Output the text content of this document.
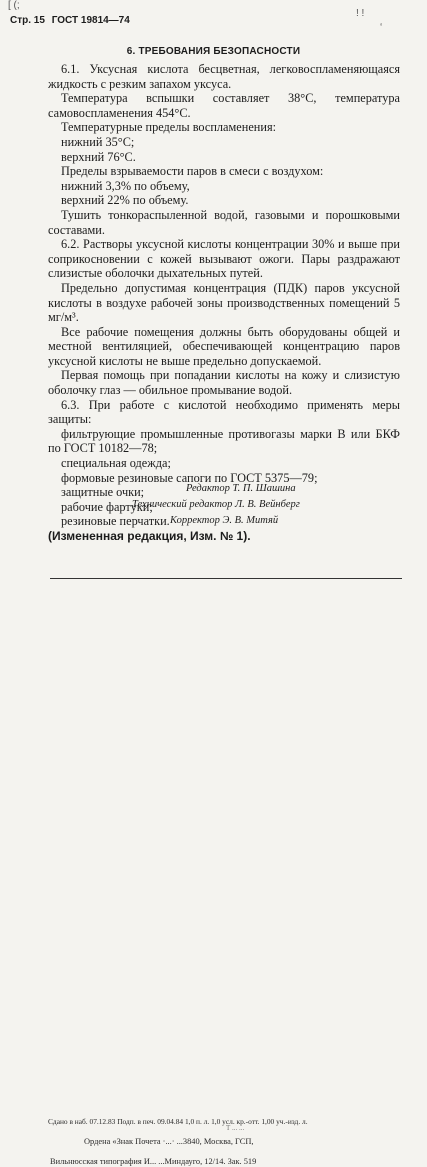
[ (;
! !
‘
Стр. 15 ГОСТ 19814—74
6. ТРЕБОВАНИЯ БЕЗОПАСНОСТИ

6.1. Уксусная кислота бесцветная, легковоспламеняющаяся жидкость с резким запахом уксуса.

Температура вспышки составляет 38°С, температура самовоспламенения 454°С.

Температурные пределы воспламенения:

нижний 35°С;

верхний 76°С.

Пределы взрываемости паров в смеси с воздухом:

нижний 3,3% по объему,

верхний 22% по объему.

Тушить тонкораспыленной водой, газовыми и порошковыми составами.

6.2. Растворы уксусной кислоты концентрации 30% и выше при соприкосновении с кожей вызывают ожоги. Пары раздражают слизистые оболочки дыхательных путей.

Предельно допустимая концентрация (ПДК) паров уксусной кислоты в воздухе рабочей зоны производственных помещений 5 мг/м³.

Все рабочие помещения должны быть оборудованы общей и местной вентиляцией, обеспечивающей концентрацию паров уксусной кислоты не выше предельно допускаемой.

Первая помощь при попадании кислоты на кожу и слизистую оболочку глаз — обильное промывание водой.

6.3. При работе с кислотой необходимо применять меры защиты:

фильтрующие промышленные противогазы марки В или БКФ по ГОСТ 10182—78;

специальная одежда;

формовые резиновые сапоги по ГОСТ 5375—79;

защитные очки;

рабочие фартуки;

резиновые перчатки.

(Измененная редакция, Изм. № 1).

Редактор Т. П. Шашина
Технический редактор Л. В. Вейнберг
Корректор Э. В. Митяй
Сдано в наб. 07.12.83 Подп. в печ. 09.04.84 1,0 п. л. 1,0 усл. кр.-отт. 1,00 уч.-изд. л.
Т ... ...
Ордена «Знак Почета ·...· ...3840, Москва, ГСП,
Вильнюсская типография И... ...Миндауго, 12/14. Зак. 519
